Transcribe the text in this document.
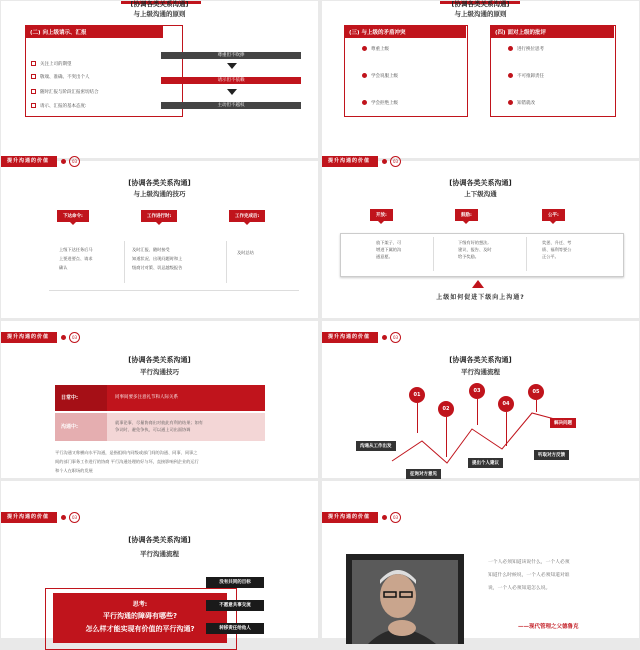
[协调各类关系沟通]
与上级沟通的原则
(二) 向上级请示、汇报
关注上司的期望
敬端、准确、不突出个人
随时汇报与阶段汇报密切结合
请示、汇报的基本态度:
尊重但不吹捧
请示但不依赖
主动但不越权
[协调各类关系沟通]
与上级沟通的原则
(三) 与上级的矛盾冲突
尊重上级
学会说服上级
学会拒绝上级
(四) 面对上级的批评
进行换位思考
不可推卸责任
知错就改
提升沟通的价值	03
[协调各类关系沟通]
与上级沟通的技巧
下达命令:	工作进行时:	工作完成后:
上级下达任务后马
上要进要点、请求
确认
及时汇报、随时接受
知道状况、出现问题时和上
级商讨对策、切忌越级报告
及时总结
提升沟通的价值	03
[协调各类关系沟通]
上下级沟通
开放:	鼓励:	公平:
放下架子、可
增进下属的沟
通意愿。
下级有好的想法,
建议、报告、及时
给予奖励。
奖惩、升迁、考
绩、福利等要公
正公平。
上级如何促进下级向上沟通?
提升沟通的价值	03
[协调各类关系沟通]
平行沟通技巧
日常中:	同事间要多注意礼节和人际关系
沟通中:
就事论事、尽量协商出对彼此有利的结果；如有
争议时、避免争执，可以通上司出面协调
平行沟通又称横向水平沟通，是指组织内同级或部门间的沟通、同事、同事之
间的部门事务工作进行的协商 平行沟通处理的好与坏，直接影响到企业的运行
和个人在职场的发展
提升沟通的价值	03
[协调各类关系沟通]
平行沟通流程
01
02
03
04
05
沟通从工作出发
征询对方意见
提出个人建议
听取对方反馈
解决问题
提升沟通的价值	03
[协调各类关系沟通]
平行沟通流程
思考:
平行沟通的障碍有哪些?
怎么样才能实现有价值的平行沟通?
没有共同的目标
不愿意共事交流
转移责任给他人
提升沟通的价值	03
一个人必须知道该说什么，一个人必须
知道什么时候说，一个人必须知道对谁
说，一个人必须知道怎么说。
——现代管理之父德鲁克
